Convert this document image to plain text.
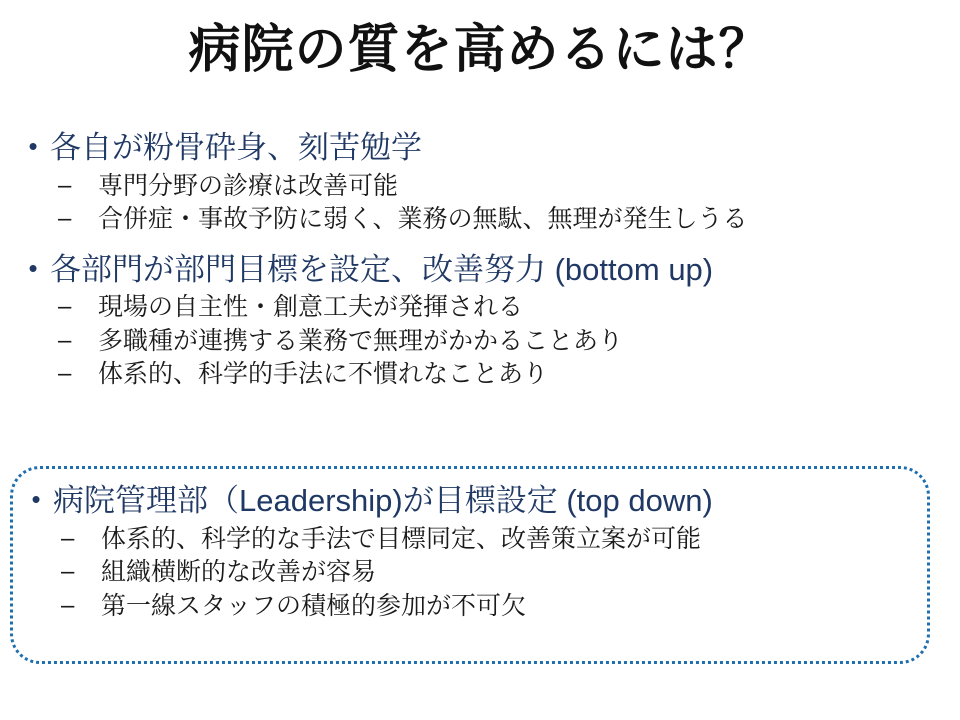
病院の質を高めるには？
• 各自が粉骨砕身、刻苦勉学
–	専門分野の診療は改善可能
–	合併症・事故予防に弱く、業務の無駄、無理が発生しうる
• 各部門が部門目標を設定、改善努力 (bottom up)
–	現場の自主性・創意工夫が発揮される
–	多職種が連携する業務で無理がかかることあり
–	体系的、科学的手法に不慣れなことあり
• 病院管理部（Leadership)が目標設定 (top down)
–	体系的、科学的な手法で目標同定、改善策立案が可能
–	組織横断的な改善が容易
–	第一線スタッフの積極的参加が不可欠
